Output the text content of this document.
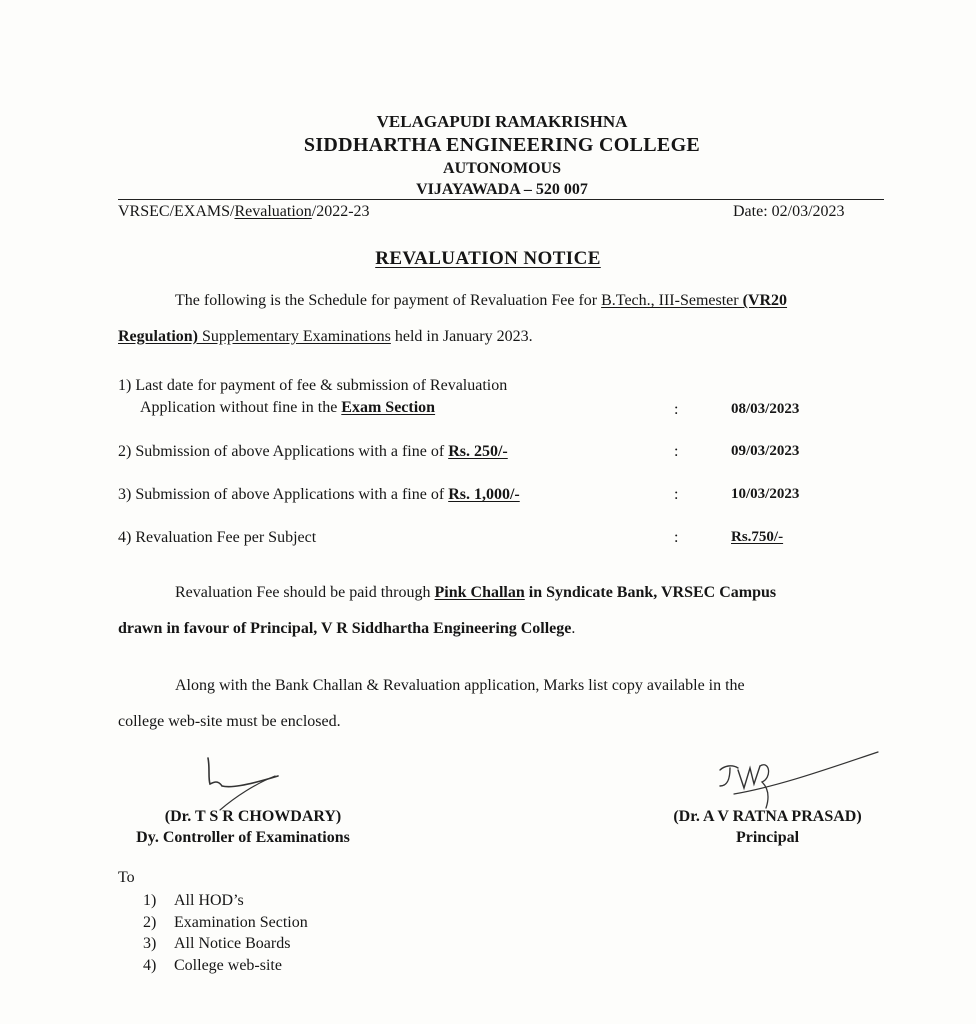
VELAGAPUDI RAMAKRISHNA
SIDDHARTHA ENGINEERING COLLEGE
AUTONOMOUS
VIJAYAWADA – 520 007
VRSEC/EXAMS/Revaluation/2022-23	Date: 02/03/2023
REVALUATION NOTICE
The following is the Schedule for payment of Revaluation Fee for B.Tech., III-Semester (VR20
Regulation) Supplementary Examinations held in January 2023.
1) Last date for payment of fee & submission of Revaluation
Application without fine in the Exam Section	:	08/03/2023
2) Submission of above Applications with a fine of Rs. 250/-	:	09/03/2023
3) Submission of above Applications with a fine of Rs. 1,000/-	:	10/03/2023
4) Revaluation Fee per Subject	:	Rs.750/-
Revaluation Fee should be paid through Pink Challan in Syndicate Bank, VRSEC Campus
drawn in favour of Principal, V R Siddhartha Engineering College.
Along with the Bank Challan & Revaluation application, Marks list copy available in the
college web-site must be enclosed.
(Dr. T S R CHOWDARY)
Dy. Controller of Examinations
(Dr. A V RATNA PRASAD)
Principal
To
1) All HOD’s
2) Examination Section
3) All Notice Boards
4) College web-site
